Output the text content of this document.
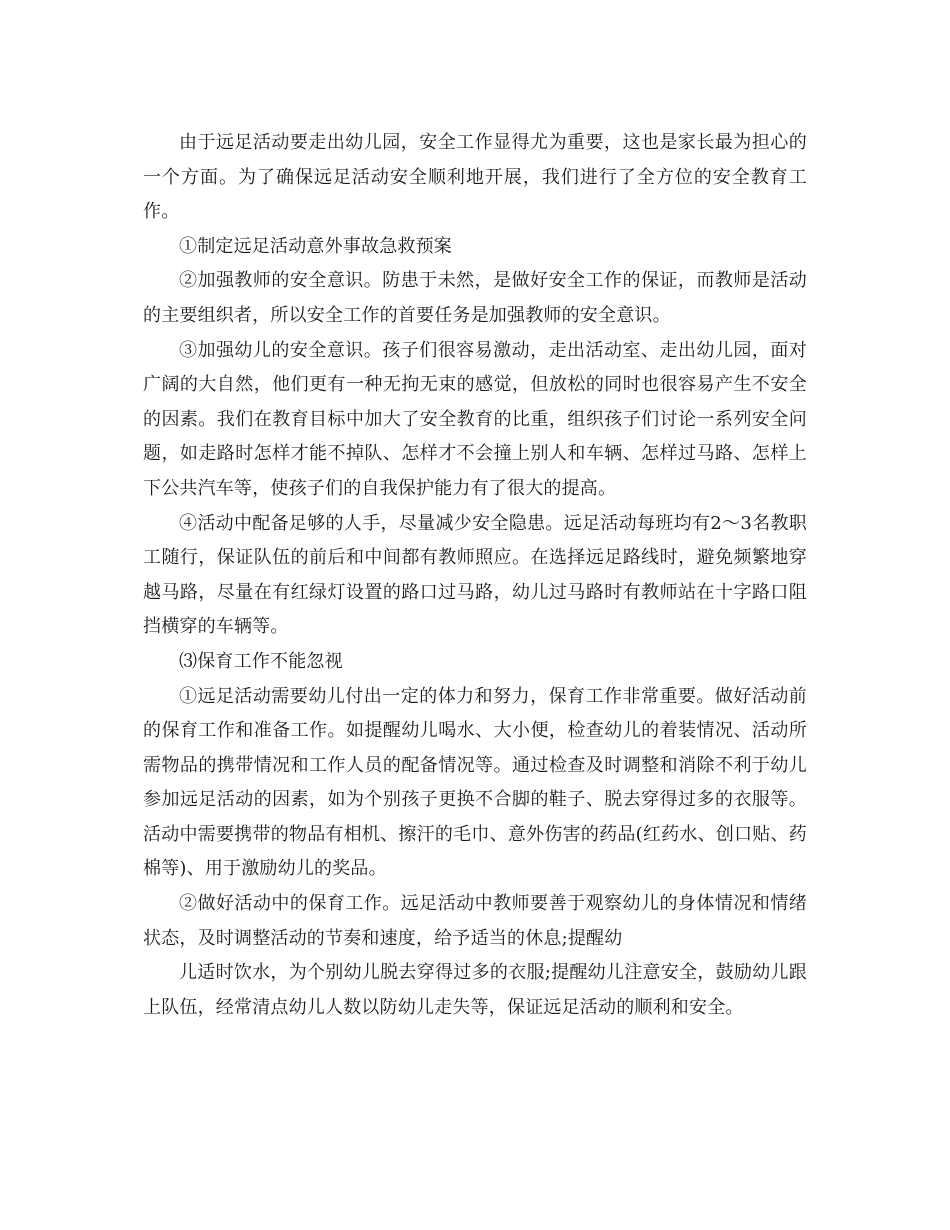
由于远足活动要走出幼儿园，安全工作显得尤为重要，这也是家长最为担心的一个方面。为了确保远足活动安全顺利地开展，我们进行了全方位的安全教育工作。

①制定远足活动意外事故急救预案

②加强教师的安全意识。防患于未然，是做好安全工作的保证，而教师是活动的主要组织者，所以安全工作的首要任务是加强教师的安全意识。

③加强幼儿的安全意识。孩子们很容易激动，走出活动室、走出幼儿园，面对广阔的大自然，他们更有一种无拘无束的感觉，但放松的同时也很容易产生不安全的因素。我们在教育目标中加大了安全教育的比重，组织孩子们讨论一系列安全问题，如走路时怎样才能不掉队、怎样才不会撞上别人和车辆、怎样过马路、怎样上下公共汽车等，使孩子们的自我保护能力有了很大的提高。

④活动中配备足够的人手，尽量减少安全隐患。远足活动每班均有2～3名教职工随行，保证队伍的前后和中间都有教师照应。在选择远足路线时，避免频繁地穿越马路，尽量在有红绿灯设置的路口过马路，幼儿过马路时有教师站在十字路口阻挡横穿的车辆等。

⑶保育工作不能忽视

①远足活动需要幼儿付出一定的体力和努力，保育工作非常重要。做好活动前的保育工作和准备工作。如提醒幼儿喝水、大小便，检查幼儿的着装情况、活动所需物品的携带情况和工作人员的配备情况等。通过检查及时调整和消除不利于幼儿参加远足活动的因素，如为个别孩子更换不合脚的鞋子、脱去穿得过多的衣服等。活动中需要携带的物品有相机、擦汗的毛巾、意外伤害的药品(红药水、创口贴、药棉等)、用于激励幼儿的奖品。

②做好活动中的保育工作。远足活动中教师要善于观察幼儿的身体情况和情绪状态，及时调整活动的节奏和速度，给予适当的休息;提醒幼

儿适时饮水，为个别幼儿脱去穿得过多的衣服;提醒幼儿注意安全，鼓励幼儿跟上队伍，经常清点幼儿人数以防幼儿走失等，保证远足活动的顺利和安全。
